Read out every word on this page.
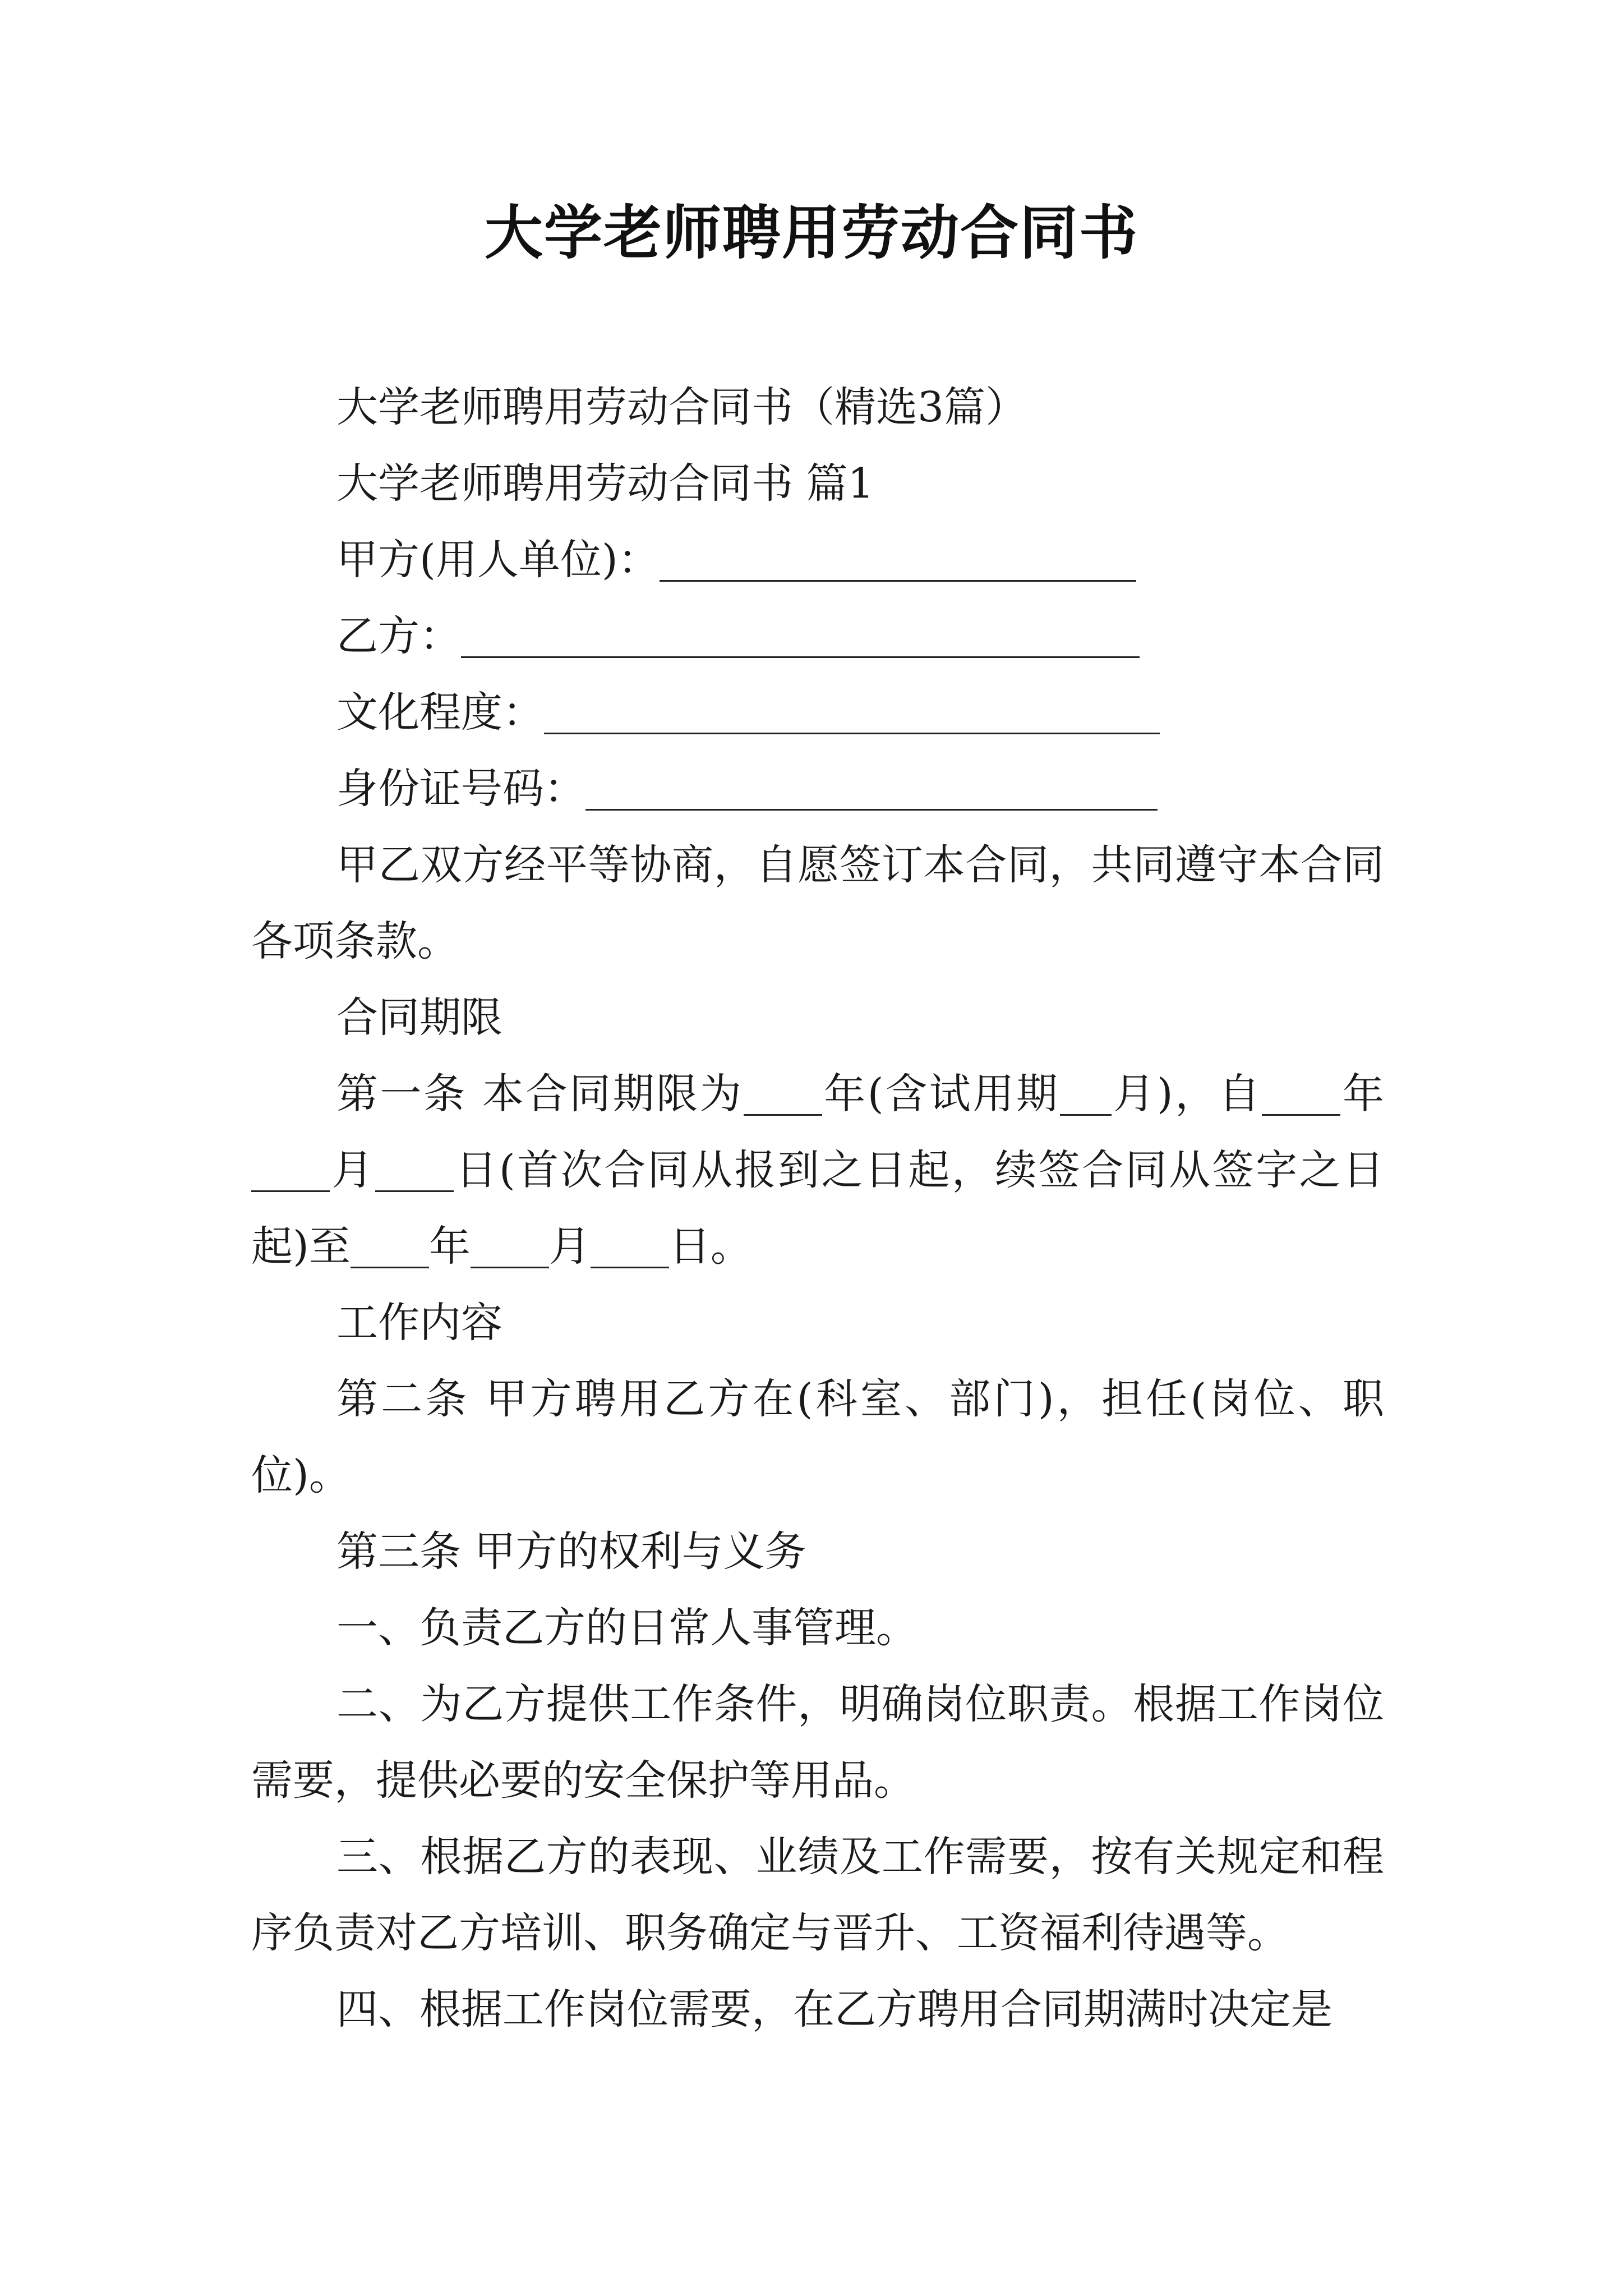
大学老师聘用劳动合同书

大学老师聘用劳动合同书（精选3篇）

大学老师聘用劳动合同书 篇1

甲方(用人单位)：

乙方：

文化程度：

身份证号码：

甲乙双方经平等协商，自愿签订本合同，共同遵守本合同各项条款。

合同期限

第一条 本合同期限为 年(含试用期 月)，自 年月 日(首次合同从报到之日起，续签合同从签字之日起)至 年 月 日。

工作内容

第二条 甲方聘用乙方在(科室、部门)，担任(岗位、职位)。

第三条 甲方的权利与义务

一、负责乙方的日常人事管理。

二、为乙方提供工作条件，明确岗位职责。根据工作岗位需要，提供必要的安全保护等用品。

三、根据乙方的表现、业绩及工作需要，按有关规定和程序负责对乙方培训、职务确定与晋升、工资福利待遇等。

四、根据工作岗位需要，在乙方聘用合同期满时决定是
